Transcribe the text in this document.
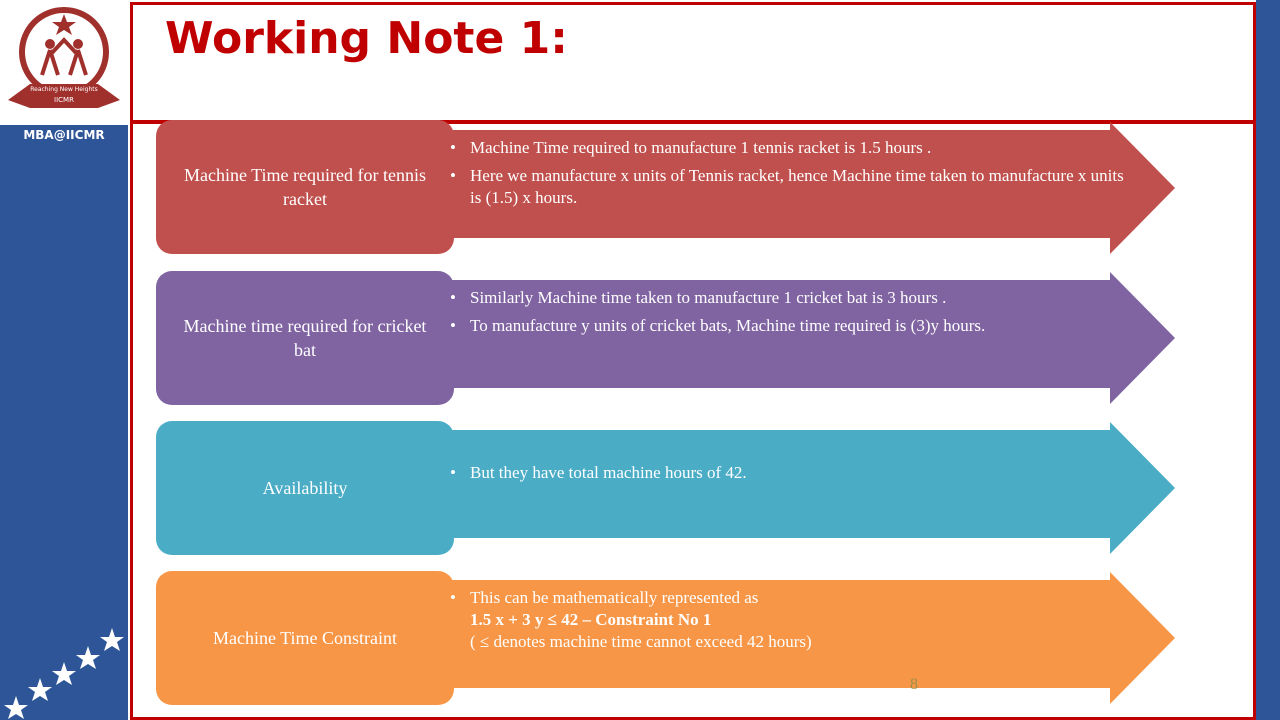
Reaching New Heights
IICMR
MBA@IICMR
Working Note 1:
Machine Time required for tennis racket
• Machine Time required to manufacture 1 tennis racket is 1.5 hours .
• Here we manufacture x units of Tennis racket, hence Machine time taken to manufacture x units is (1.5) x hours.
Machine time required for cricket bat
• Similarly Machine time taken to manufacture 1 cricket bat is 3 hours .
• To manufacture y units of cricket bats, Machine time required is (3)y hours.
Availability
• But they have total machine hours of 42.
Machine Time Constraint
• This can be mathematically represented as
1.5 x + 3 y ≤ 42 – Constraint No 1
( ≤ denotes machine time cannot exceed 42 hours)
8
